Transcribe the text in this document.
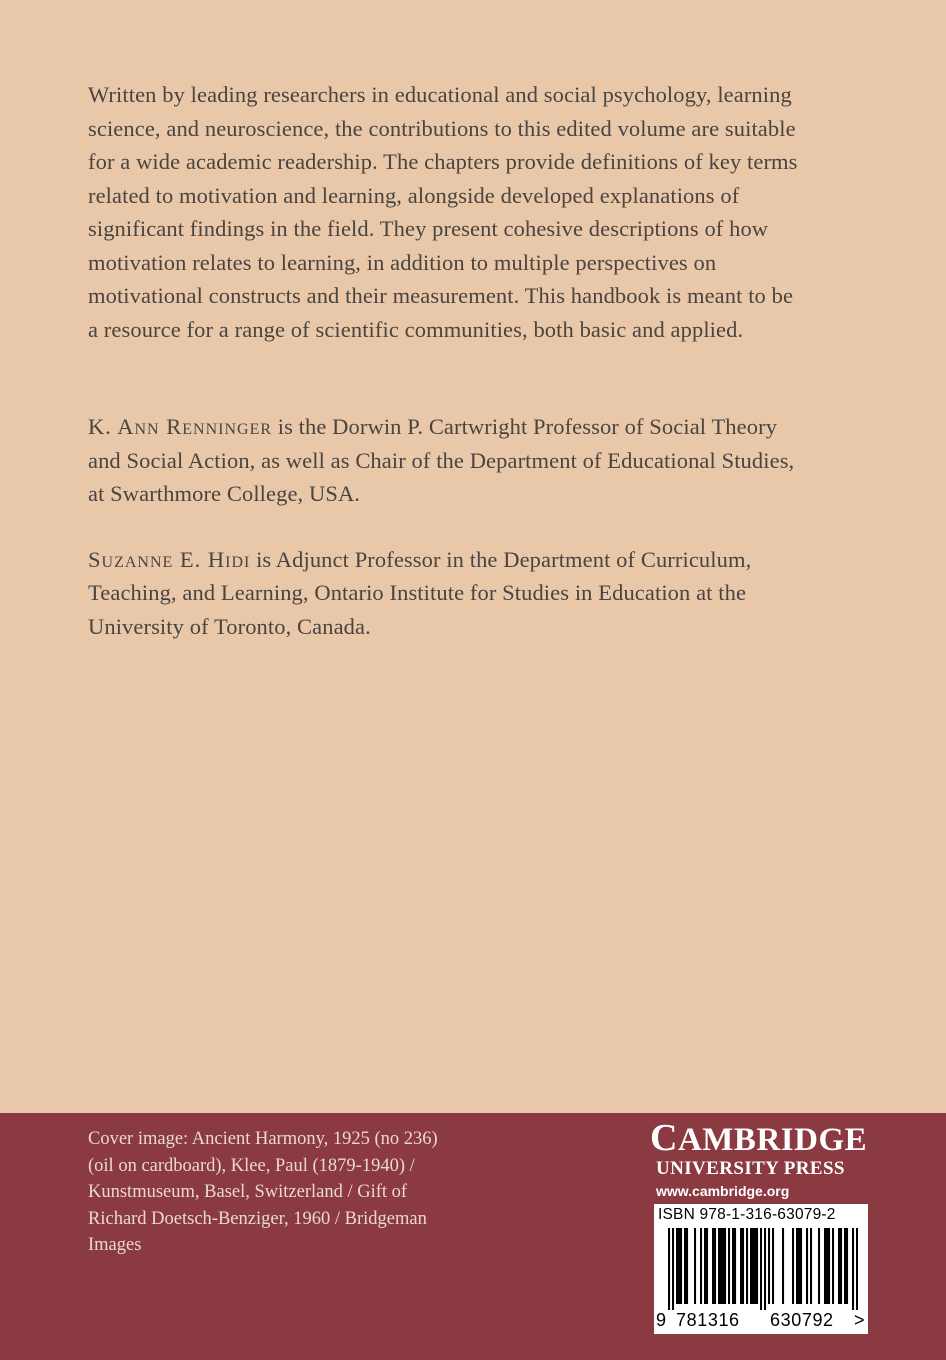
Written by leading researchers in educational and social psychology, learning science, and neuroscience, the contributions to this edited volume are suitable for a wide academic readership. The chapters provide definitions of key terms related to motivation and learning, alongside developed explanations of significant findings in the field. They present cohesive descriptions of how motivation relates to learning, in addition to multiple perspectives on motivational constructs and their measurement. This handbook is meant to be a resource for a range of scientific communities, both basic and applied.

K. Ann Renninger is the Dorwin P. Cartwright Professor of Social Theory and Social Action, as well as Chair of the Department of Educational Studies, at Swarthmore College, USA.

Suzanne E. Hidi is Adjunct Professor in the Department of Curriculum, Teaching, and Learning, Ontario Institute for Studies in Education at the University of Toronto, Canada.

Cover image: Ancient Harmony, 1925 (no 236) (oil on cardboard), Klee, Paul (1879-1940) / Kunstmuseum, Basel, Switzerland / Gift of Richard Doetsch-Benziger, 1960 / Bridgeman Images

CAMBRIDGE
UNIVERSITY PRESS
www.cambridge.org
ISBN 978-1-316-63079-2
9 781316 630792 >
